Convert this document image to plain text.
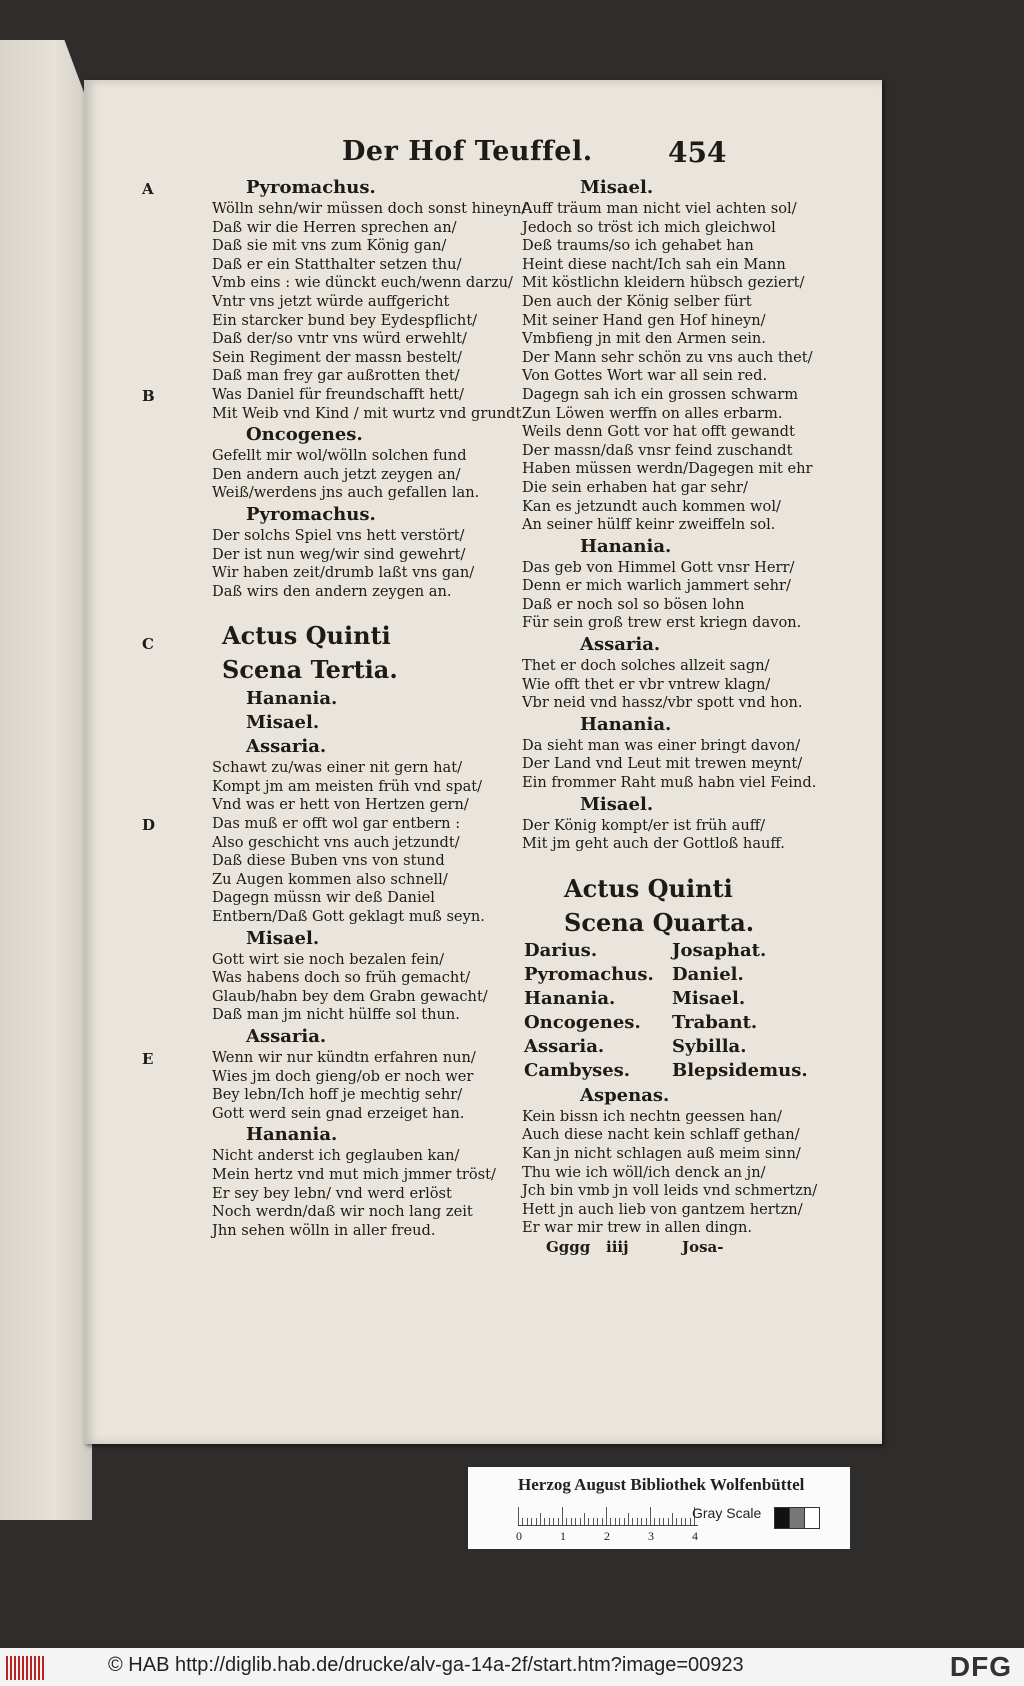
Der Hof Teuffel.	454
Pyromachus.
A
Wölln sehn/wir müssen doch sonst hineyn/
Daß wir die Herren sprechen an/
Daß sie mit vns zum König gan/
Daß er ein Statthalter setzen thu/
Vmb eins : wie dünckt euch/wenn darzu/
Vntr vns jetzt würde auffgericht
Ein starcker bund bey Eydespflicht/
Daß der/so vntr vns würd erwehlt/
Sein Regiment der massn bestelt/
Daß man frey gar außrotten thet/
Was Daniel für freundschafft hett/
B
Mit Weib vnd Kind / mit wurtz vnd grundt.
Oncogenes.
Gefellt mir wol/wölln solchen fund
Den andern auch jetzt zeygen an/
Weiß/werdens jns auch gefallen lan.
Pyromachus.
Der solchs Spiel vns hett verstört/
Der ist nun weg/wir sind gewehrt/
Wir haben zeit/drumb laßt vns gan/
Daß wirs den andern zeygen an.
Actus Quinti
C
Scena Tertia.
Hanania.
Misael.
Assaria.
Schawt zu/was einer nit gern hat/
Kompt jm am meisten früh vnd spat/
Vnd was er hett von Hertzen gern/
Das muß er offt wol gar entbern :
D
Also geschicht vns auch jetzundt/
Daß diese Buben vns von stund
Zu Augen kommen also schnell/
Dagegn müssn wir deß Daniel
Entbern/Daß Gott geklagt muß seyn.
Misael.
Gott wirt sie noch bezalen fein/
Was habens doch so früh gemacht/
Glaub/habn bey dem Grabn gewacht/
Daß man jm nicht hülffe sol thun.
Assaria.
Wenn wir nur kündtn erfahren nun/
E
Wies jm doch gieng/ob er noch wer
Bey lebn/Ich hoff je mechtig sehr/
Gott werd sein gnad erzeiget han.
Hanania.
Nicht anderst ich geglauben kan/
Mein hertz vnd mut mich jmmer tröst/
Er sey bey lebn/ vnd werd erlöst
Noch werdn/daß wir noch lang zeit
Jhn sehen wölln in aller freud.
Misael.
Auff träum man nicht viel achten sol/
Jedoch so tröst ich mich gleichwol
Deß traums/so ich gehabet han
Heint diese nacht/Ich sah ein Mann
Mit köstlichn kleidern hübsch geziert/
Den auch der König selber fürt
Mit seiner Hand gen Hof hineyn/
Vmbfieng jn mit den Armen sein.
Der Mann sehr schön zu vns auch thet/
Von Gottes Wort war all sein red.
Dagegn sah ich ein grossen schwarm
Zun Löwen werffn on alles erbarm.
Weils denn Gott vor hat offt gewandt
Der massn/daß vnsr feind zuschandt
Haben müssen werdn/Dagegen mit ehr
Die sein erhaben hat gar sehr/
Kan es jetzundt auch kommen wol/
An seiner hülff keinr zweiffeln sol.
Hanania.
Das geb von Himmel Gott vnsr Herr/
Denn er mich warlich jammert sehr/
Daß er noch sol so bösen lohn
Für sein groß trew erst kriegn davon.
Assaria.
Thet er doch solches allzeit sagn/
Wie offt thet er vbr vntrew klagn/
Vbr neid vnd hassz/vbr spott vnd hon.
Hanania.
Da sieht man was einer bringt davon/
Der Land vnd Leut mit trewen meynt/
Ein frommer Raht muß habn viel Feind.
Misael.
Der König kompt/er ist früh auff/
Mit jm geht auch der Gottloß hauff.
Actus Quinti
Scena Quarta.
Darius.	Josaphat.
Pyromachus. Daniel.
Hanania.	Misael.
Oncogenes. Trabant.
Assaria.	Sybilla.
Cambyses. Blepsidemus.
Aspenas.
Kein bissn ich nechtn geessen han/
Auch diese nacht kein schlaff gethan/
Kan jn nicht schlagen auß meim sinn/
Thu wie ich wöll/ich denck an jn/
Jch bin vmb jn voll leids vnd schmertzn/
Hett jn auch lieb von gantzem hertzn/
Er war mir trew in allen dingn.
Gggg iiij	Josa-
Herzog August Bibliothek Wolfenbüttel
Gray Scale
0	1	2	3	4
© HAB http://diglib.hab.de/drucke/alv-ga-14a-2f/start.htm?image=00923	DFG
